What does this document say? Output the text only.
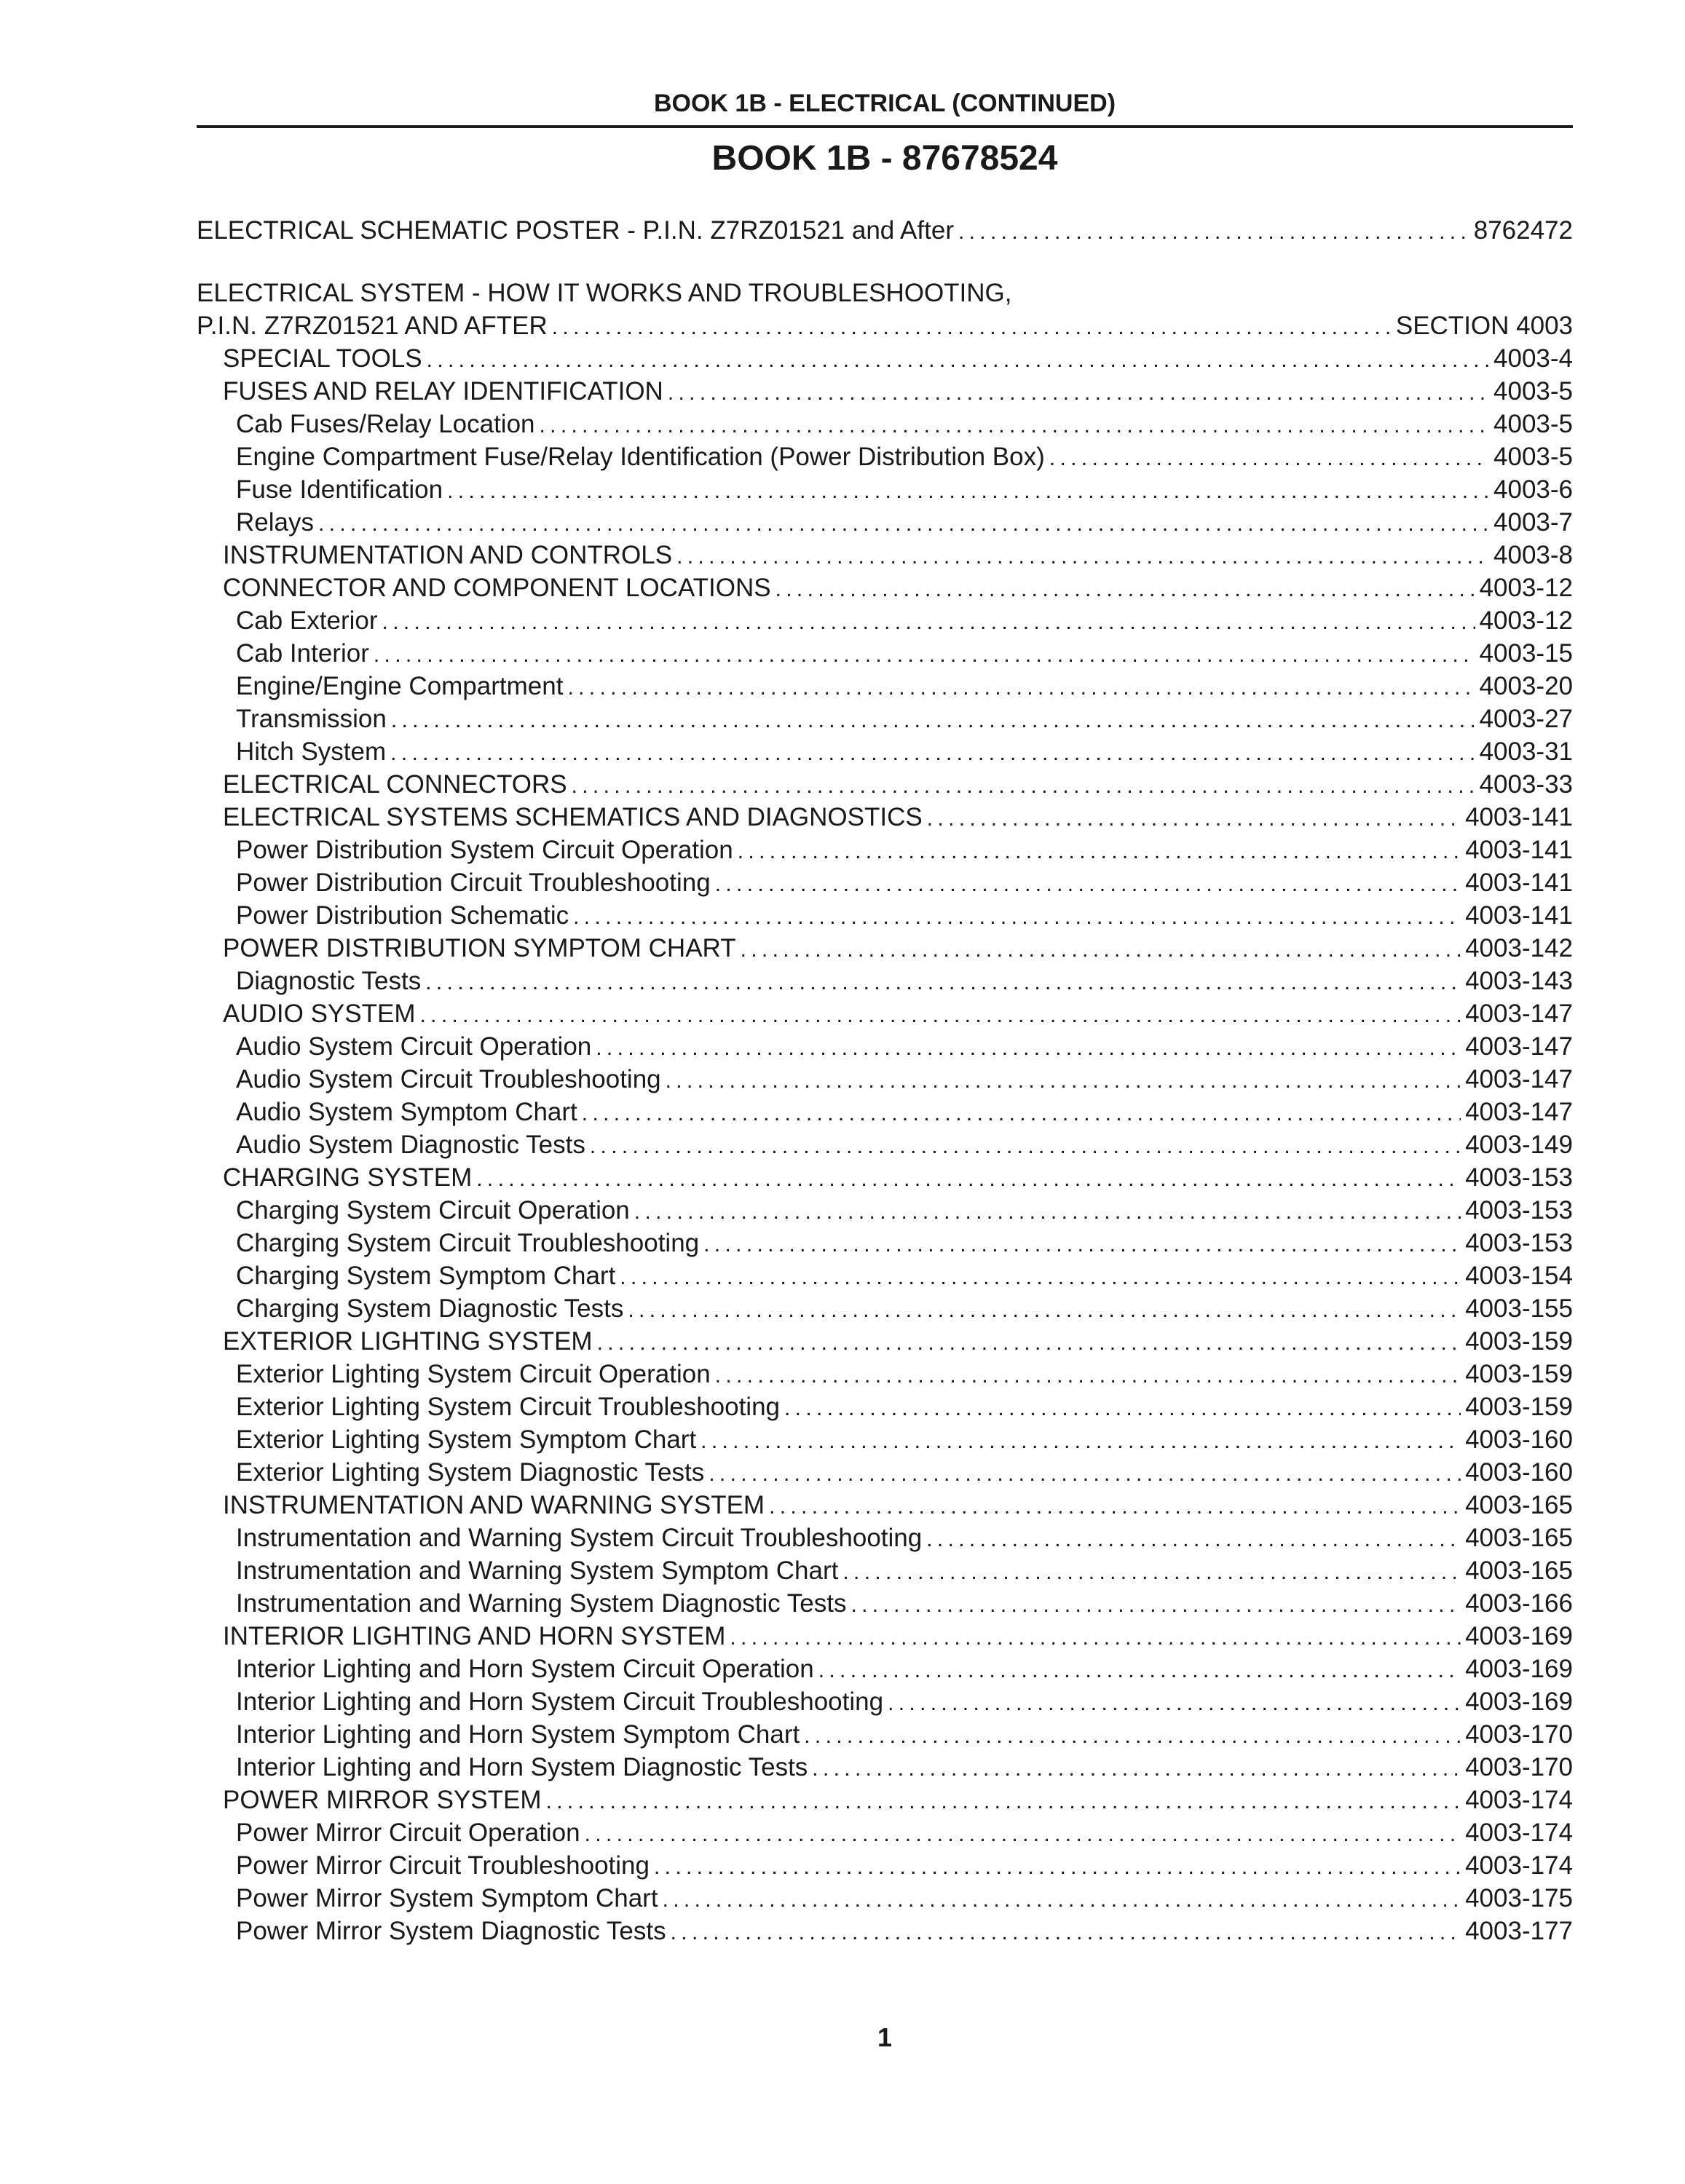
BOOK 1B - ELECTRICAL (CONTINUED)
BOOK 1B - 87678524
ELECTRICAL SCHEMATIC POSTER - P.I.N. Z7RZ01521 and After . . .	8762472
ELECTRICAL SYSTEM - HOW IT WORKS AND TROUBLESHOOTING,
P.I.N. Z7RZ01521 AND AFTER . . .	SECTION 4003
SPECIAL TOOLS . . .	4003-4
FUSES AND RELAY IDENTIFICATION . . .	4003-5
Cab Fuses/Relay Location . . .	4003-5
Engine Compartment Fuse/Relay Identification (Power Distribution Box) . . .	4003-5
Fuse Identification . . .	4003-6
Relays . . .	4003-7
INSTRUMENTATION AND CONTROLS . . .	4003-8
CONNECTOR AND COMPONENT LOCATIONS . . .	4003-12
Cab Exterior . . .	4003-12
Cab Interior . . .	4003-15
Engine/Engine Compartment . . .	4003-20
Transmission . . .	4003-27
Hitch System . . .	4003-31
ELECTRICAL CONNECTORS . . .	4003-33
ELECTRICAL SYSTEMS SCHEMATICS AND DIAGNOSTICS . . .	4003-141
Power Distribution System Circuit Operation . . .	4003-141
Power Distribution Circuit Troubleshooting . . .	4003-141
Power Distribution Schematic . . .	4003-141
POWER DISTRIBUTION SYMPTOM CHART . . .	4003-142
Diagnostic Tests . . .	4003-143
AUDIO SYSTEM . . .	4003-147
Audio System Circuit Operation . . .	4003-147
Audio System Circuit Troubleshooting . . .	4003-147
Audio System Symptom Chart . . .	4003-147
Audio System Diagnostic Tests . . .	4003-149
CHARGING SYSTEM . . .	4003-153
Charging System Circuit Operation . . .	4003-153
Charging System Circuit Troubleshooting . . .	4003-153
Charging System Symptom Chart . . .	4003-154
Charging System Diagnostic Tests . . .	4003-155
EXTERIOR LIGHTING SYSTEM . . .	4003-159
Exterior Lighting System Circuit Operation . . .	4003-159
Exterior Lighting System Circuit Troubleshooting . . .	4003-159
Exterior Lighting System Symptom Chart . . .	4003-160
Exterior Lighting System Diagnostic Tests . . .	4003-160
INSTRUMENTATION AND WARNING SYSTEM . . .	4003-165
Instrumentation and Warning System Circuit Troubleshooting . . .	4003-165
Instrumentation and Warning System Symptom Chart . . .	4003-165
Instrumentation and Warning System Diagnostic Tests . . .	4003-166
INTERIOR LIGHTING AND HORN SYSTEM . . .	4003-169
Interior Lighting and Horn System Circuit Operation . . .	4003-169
Interior Lighting and Horn System Circuit Troubleshooting . . .	4003-169
Interior Lighting and Horn System Symptom Chart . . .	4003-170
Interior Lighting and Horn System Diagnostic Tests . . .	4003-170
POWER MIRROR SYSTEM . . .	4003-174
Power Mirror Circuit Operation . . .	4003-174
Power Mirror Circuit Troubleshooting . . .	4003-174
Power Mirror System Symptom Chart . . .	4003-175
Power Mirror System Diagnostic Tests . . .	4003-177
1
